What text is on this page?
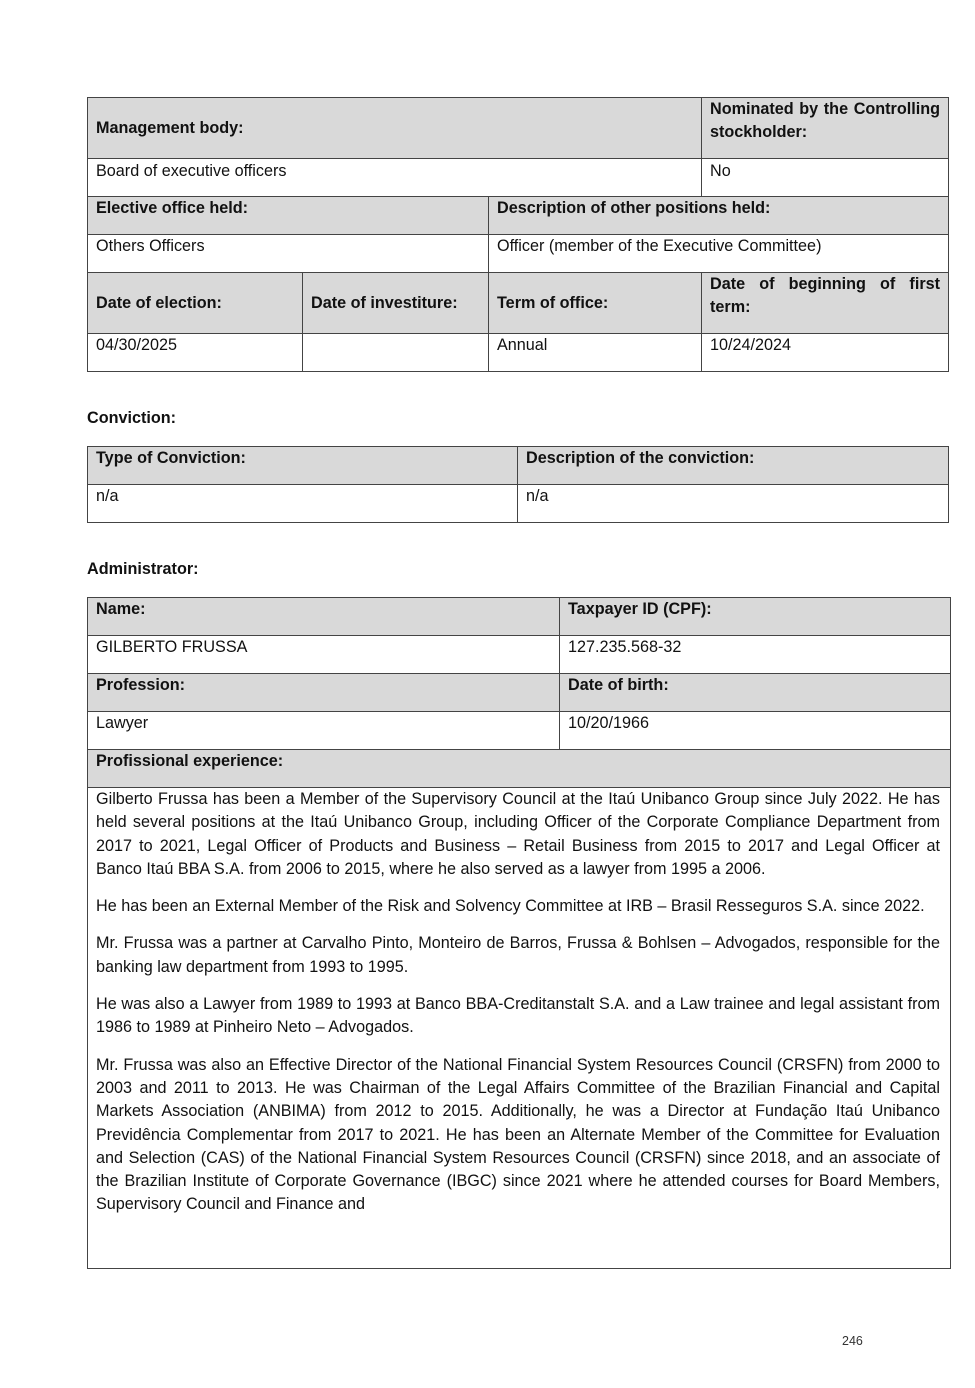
Management body:			Nominated by the Controlling stockholder:
Board of executive officers			No
Elective office held:		Description of other positions held:	
Others Officers		Officer (member of the Executive Committee)	
Date of election:	Date of investiture:	Term of office:	Date of beginning of first term:
04/30/2025		Annual	10/24/2024
Conviction:
Type of Conviction:	Description of the conviction:
n/a	n/a
Administrator:
Name:	Taxpayer ID (CPF):
GILBERTO FRUSSA	127.235.568-32
Profession:	Date of birth:
Lawyer	10/20/1966
Profissional experience:	

Gilberto Frussa has been a Member of the Supervisory Council at the Itaú Unibanco Group since July 2022. He has held several positions at the Itaú Unibanco Group, including Officer of the Corporate Compliance Department from 2017 to 2021, Legal Officer of Products and Business – Retail Business from 2015 to 2017 and Legal Officer at Banco Itaú BBA S.A. from 2006 to 2015, where he also served as a lawyer from 1995 a 2006.

He has been an External Member of the Risk and Solvency Committee at IRB – Brasil Resseguros S.A. since 2022.

Mr. Frussa was a partner at Carvalho Pinto, Monteiro de Barros, Frussa & Bohlsen – Advogados, responsible for the banking law department from 1993 to 1995.

He was also a Lawyer from 1989 to 1993 at Banco BBA-Creditanstalt S.A. and a Law trainee and legal assistant from 1986 to 1989 at Pinheiro Neto – Advogados.

Mr. Frussa was also an Effective Director of the National Financial System Resources Council (CRSFN) from 2000 to 2003 and 2011 to 2013. He was Chairman of the Legal Affairs Committee of the Brazilian Financial and Capital Markets Association (ANBIMA) from 2012 to 2015. Additionally, he was a Director at Fundação Itaú Unibanco Previdência Complementar from 2017 to 2021. He has been an Alternate Member of the Committee for Evaluation and Selection (CAS) of the National Financial System Resources Council (CRSFN) since 2018, and an associate of the Brazilian Institute of Corporate Governance (IBGC) since 2021 where he attended courses for Board Members, Supervisory Council and Finance and	

246
